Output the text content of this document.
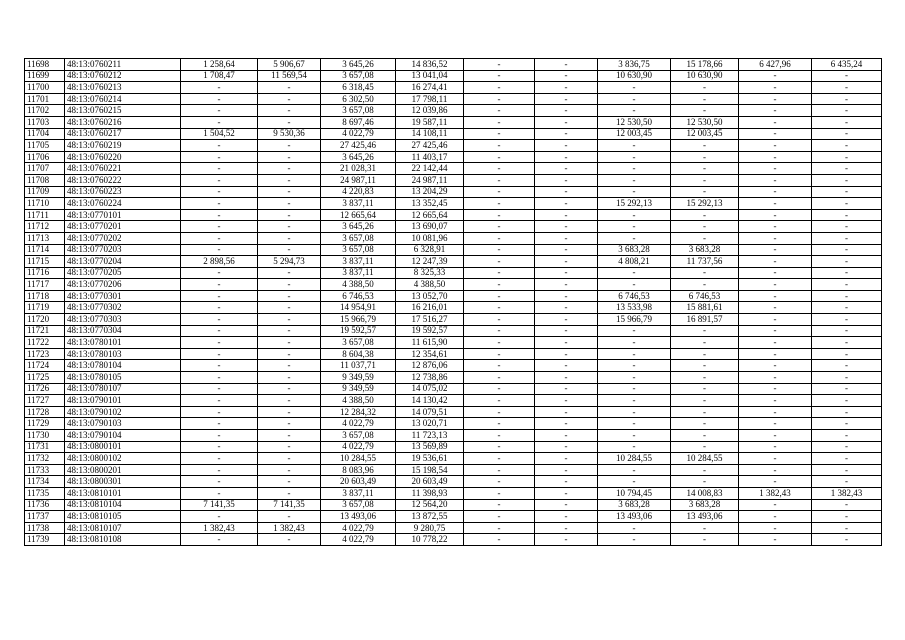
11698	48:13:0760211	1 258,64	5 906,67	3 645,26	14 836,52	-	-	3 836,75	15 178,66	6 427,96	6 435,24
11699	48:13:0760212	1 708,47	11 569,54	3 657,08	13 041,04	-	-	10 630,90	10 630,90	-	-
11700	48:13:0760213	-	-	6 318,45	16 274,41	-	-	-	-	-	-
11701	48:13:0760214	-	-	6 302,50	17 798,11	-	-	-	-	-	-
11702	48:13:0760215	-	-	3 657,08	12 039,86	-	-	-	-	-	-
11703	48:13:0760216	-	-	8 697,46	19 587,11	-	-	12 530,50	12 530,50	-	-
11704	48:13:0760217	1 504,52	9 530,36	4 022,79	14 108,11	-	-	12 003,45	12 003,45	-	-
11705	48:13:0760219	-	-	27 425,46	27 425,46	-	-	-	-	-	-
11706	48:13:0760220	-	-	3 645,26	11 403,17	-	-	-	-	-	-
11707	48:13:0760221	-	-	21 028,31	22 142,44	-	-	-	-	-	-
11708	48:13:0760222	-	-	24 987,11	24 987,11	-	-	-	-	-	-
11709	48:13:0760223	-	-	4 220,83	13 204,29	-	-	-	-	-	-
11710	48:13:0760224	-	-	3 837,11	13 352,45	-	-	15 292,13	15 292,13	-	-
11711	48:13:0770101	-	-	12 665,64	12 665,64	-	-	-	-	-	-
11712	48:13:0770201	-	-	3 645,26	13 690,07	-	-	-	-	-	-
11713	48:13:0770202	-	-	3 657,08	10 081,96	-	-	-	-	-	-
11714	48:13:0770203	-	-	3 657,08	6 328,91	-	-	3 683,28	3 683,28	-	-
11715	48:13:0770204	2 898,56	5 294,73	3 837,11	12 247,39	-	-	4 808,21	11 737,56	-	-
11716	48:13:0770205	-	-	3 837,11	8 325,33	-	-	-	-	-	-
11717	48:13:0770206	-	-	4 388,50	4 388,50	-	-	-	-	-	-
11718	48:13:0770301	-	-	6 746,53	13 052,70	-	-	6 746,53	6 746,53	-	-
11719	48:13:0770302	-	-	14 954,91	16 216,01	-	-	13 533,98	15 881,61	-	-
11720	48:13:0770303	-	-	15 966,79	17 516,27	-	-	15 966,79	16 891,57	-	-
11721	48:13:0770304	-	-	19 592,57	19 592,57	-	-	-	-	-	-
11722	48:13:0780101	-	-	3 657,08	11 615,90	-	-	-	-	-	-
11723	48:13:0780103	-	-	8 604,38	12 354,61	-	-	-	-	-	-
11724	48:13:0780104	-	-	11 037,71	12 876,06	-	-	-	-	-	-
11725	48:13:0780105	-	-	9 349,59	12 738,86	-	-	-	-	-	-
11726	48:13:0780107	-	-	9 349,59	14 075,02	-	-	-	-	-	-
11727	48:13:0790101	-	-	4 388,50	14 130,42	-	-	-	-	-	-
11728	48:13:0790102	-	-	12 284,32	14 079,51	-	-	-	-	-	-
11729	48:13:0790103	-	-	4 022,79	13 020,71	-	-	-	-	-	-
11730	48:13:0790104	-	-	3 657,08	11 723,13	-	-	-	-	-	-
11731	48:13:0800101	-	-	4 022,79	13 569,89	-	-	-	-	-	-
11732	48:13:0800102	-	-	10 284,55	19 536,61	-	-	10 284,55	10 284,55	-	-
11733	48:13:0800201	-	-	8 083,96	15 198,54	-	-	-	-	-	-
11734	48:13:0800301	-	-	20 603,49	20 603,49	-	-	-	-	-	-
11735	48:13:0810101	-	-	3 837,11	11 398,93	-	-	10 794,45	14 008,83	1 382,43	1 382,43
11736	48:13:0810104	7 141,35	7 141,35	3 657,08	12 564,20	-	-	3 683,28	3 683,28	-	-
11737	48:13:0810105	-	-	13 493,06	13 872,55	-	-	13 493,06	13 493,06	-	-
11738	48:13:0810107	1 382,43	1 382,43	4 022,79	9 280,75	-	-	-	-	-	-
11739	48:13:0810108	-	-	4 022,79	10 778,22	-	-	-	-	-	-
